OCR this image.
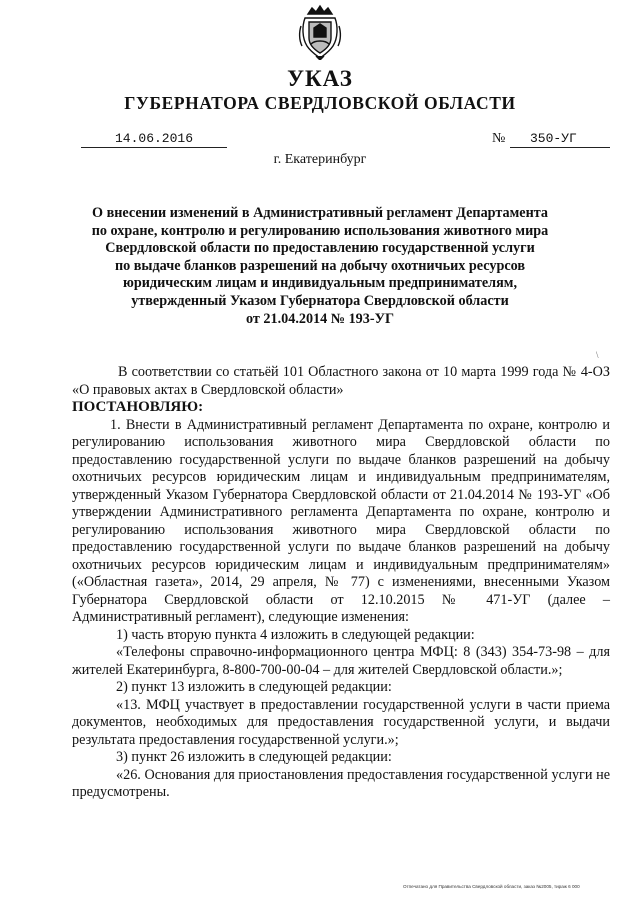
УКАЗ
ГУБЕРНАТОРА СВЕРДЛОВСКОЙ ОБЛАСТИ
14.06.2016	№ 350-УГ
г. Екатеринбург
О внесении изменений в Административный регламент Департамента
по охране, контролю и регулированию использования животного мира
Свердловской области по предоставлению государственной услуги
по выдаче бланков разрешений на добычу охотничьих ресурсов
юридическим лицам и индивидуальным предпринимателям,
утвержденный Указом Губернатора Свердловской области
от 21.04.2014 № 193-УГ
\

В соответствии со статьёй 101 Областного закона от 10 марта 1999 года № 4-ОЗ «О правовых актах в Свердловской области»

ПОСТАНОВЛЯЮ:

1. Внести в Административный регламент Департамента по охране, контролю и регулированию использования животного мира Свердловской области по предоставлению государственной услуги по выдаче бланков разрешений на добычу охотничьих ресурсов юридическим лицам и индивидуальным предпринимателям, утвержденный Указом Губернатора Свердловской области от 21.04.2014 № 193-УГ «Об утверждении Административного регламента Департамента по охране, контролю и регулированию использования животного мира Свердловской области по предоставлению государственной услуги по выдаче бланков разрешений на добычу охотничьих ресурсов юридическим лицам и индивидуальным предпринимателям» («Областная газета», 2014, 29 апреля, № 77) с изменениями, внесенными Указом Губернатора Свердловской области от 12.10.2015 № 471-УГ (далее – Административный регламент), следующие изменения:

1) часть вторую пункта 4 изложить в следующей редакции:

«Телефоны справочно-информационного центра МФЦ: 8 (343) 354-73-98 – для жителей Екатеринбурга, 8-800-700-00-04 – для жителей Свердловской области.»;

2) пункт 13 изложить в следующей редакции:

«13. МФЦ участвует в предоставлении государственной услуги в части приема документов, необходимых для предоставления государственной услуги, и выдачи результата предоставления государственной услуги.»;

3) пункт 26 изложить в следующей редакции:

«26. Основания для приостановления предоставления государственной услуги не предусмотрены.

Отпечатано для Правительства Свердловской области, заказ №2005, тираж 6 000
